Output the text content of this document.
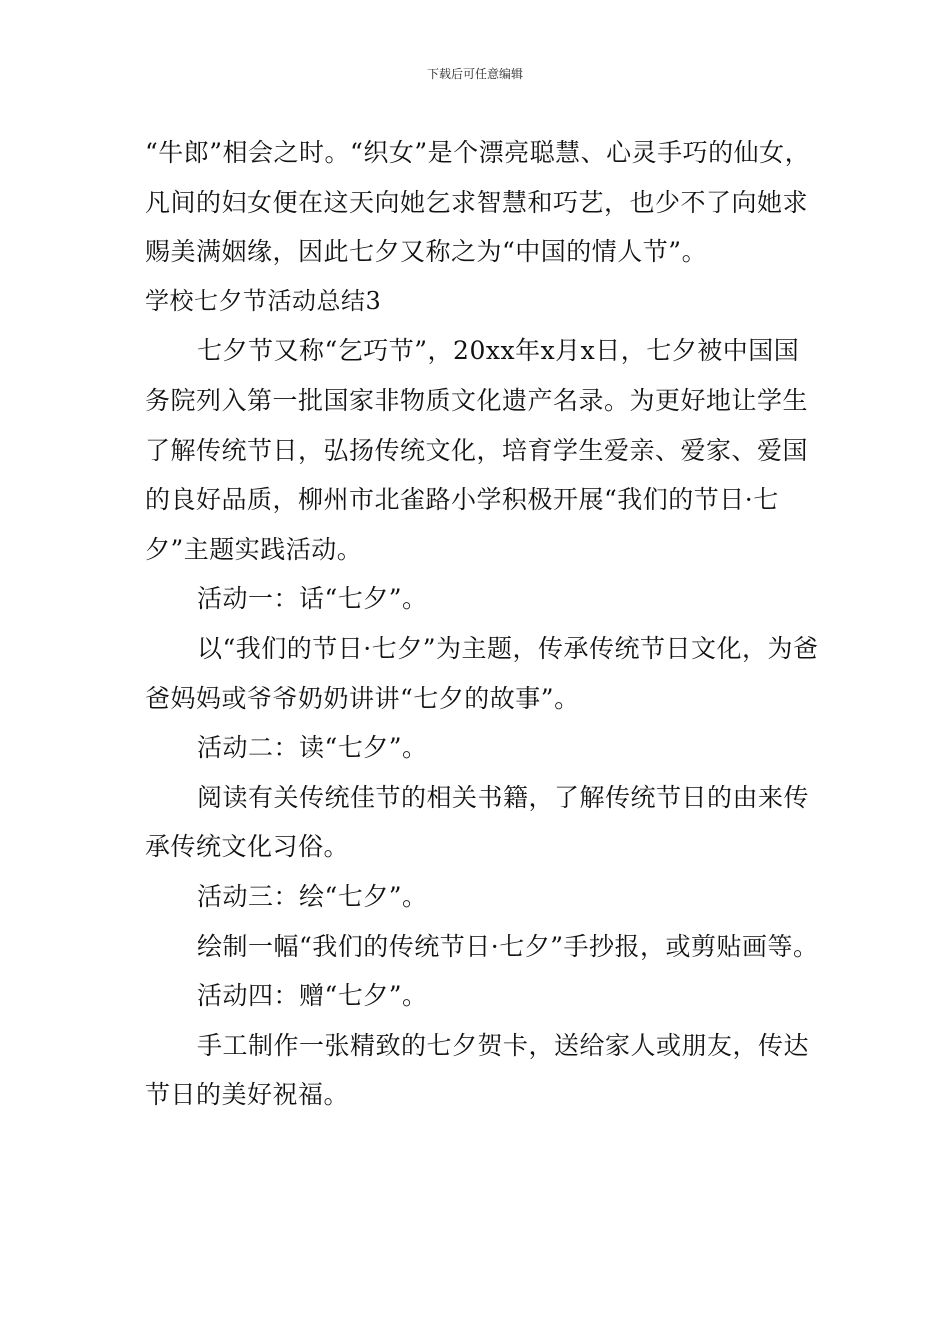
下载后可任意编辑

“牛郎”相会之时。“织女”是个漂亮聪慧、心灵手巧的仙女，凡间的妇女便在这天向她乞求智慧和巧艺，也少不了向她求赐美满姻缘，因此七夕又称之为“中国的情人节”。

学校七夕节活动总结3

七夕节又称“乞巧节”，20xx年x月x日，七夕被中国国务院列入第一批国家非物质文化遗产名录。为更好地让学生了解传统节日，弘扬传统文化，培育学生爱亲、爱家、爱国的良好品质，柳州市北雀路小学积极开展“我们的节日·七夕”主题实践活动。

活动一：话“七夕”。

以“我们的节日·七夕”为主题，传承传统节日文化，为爸爸妈妈或爷爷奶奶讲讲“七夕的故事”。

活动二：读“七夕”。

阅读有关传统佳节的相关书籍，了解传统节日的由来传承传统文化习俗。

活动三：绘“七夕”。

绘制一幅“我们的传统节日·七夕”手抄报，或剪贴画等。

活动四：赠“七夕”。

手工制作一张精致的七夕贺卡，送给家人或朋友，传达节日的美好祝福。
